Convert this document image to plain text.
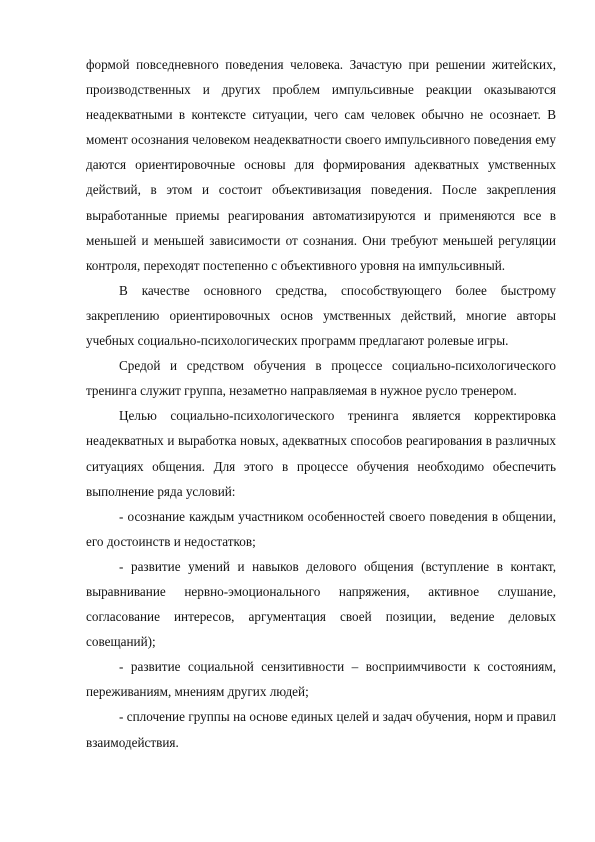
формой повседневного поведения человека. Зачастую при решении житейских, производственных и других проблем импульсивные реакции оказываются неадекватными в контексте ситуации, чего сам человек обычно не осознает. В момент осознания человеком неадекватности своего импульсивного поведения ему даются ориентировочные основы для формирования адекватных умственных действий, в этом и состоит объективизация поведения. После закрепления выработанные приемы реагирования автоматизируются и применяются все в меньшей и меньшей зависимости от сознания. Они требуют меньшей регуляции контроля, переходят постепенно с объективного уровня на импульсивный.

В качестве основного средства, способствующего более быстрому закреплению ориентировочных основ умственных действий, многие авторы учебных социально-психологических программ предлагают ролевые игры.

Средой и средством обучения в процессе социально-психологического тренинга служит группа, незаметно направляемая в нужное русло тренером.

Целью социально-психологического тренинга является корректировка неадекватных и выработка новых, адекватных способов реагирования в различных ситуациях общения. Для этого в процессе обучения необходимо обеспечить выполнение ряда условий:

- осознание каждым участником особенностей своего поведения в общении, его достоинств и недостатков;

- развитие умений и навыков делового общения (вступление в контакт, выравнивание нервно-эмоционального напряжения, активное слушание, согласование интересов, аргументация своей позиции, ведение деловых совещаний);

- развитие социальной сензитивности – восприимчивости к состояниям, переживаниям, мнениям других людей;

- сплочение группы на основе единых целей и задач обучения, норм и правил взаимодействия.
